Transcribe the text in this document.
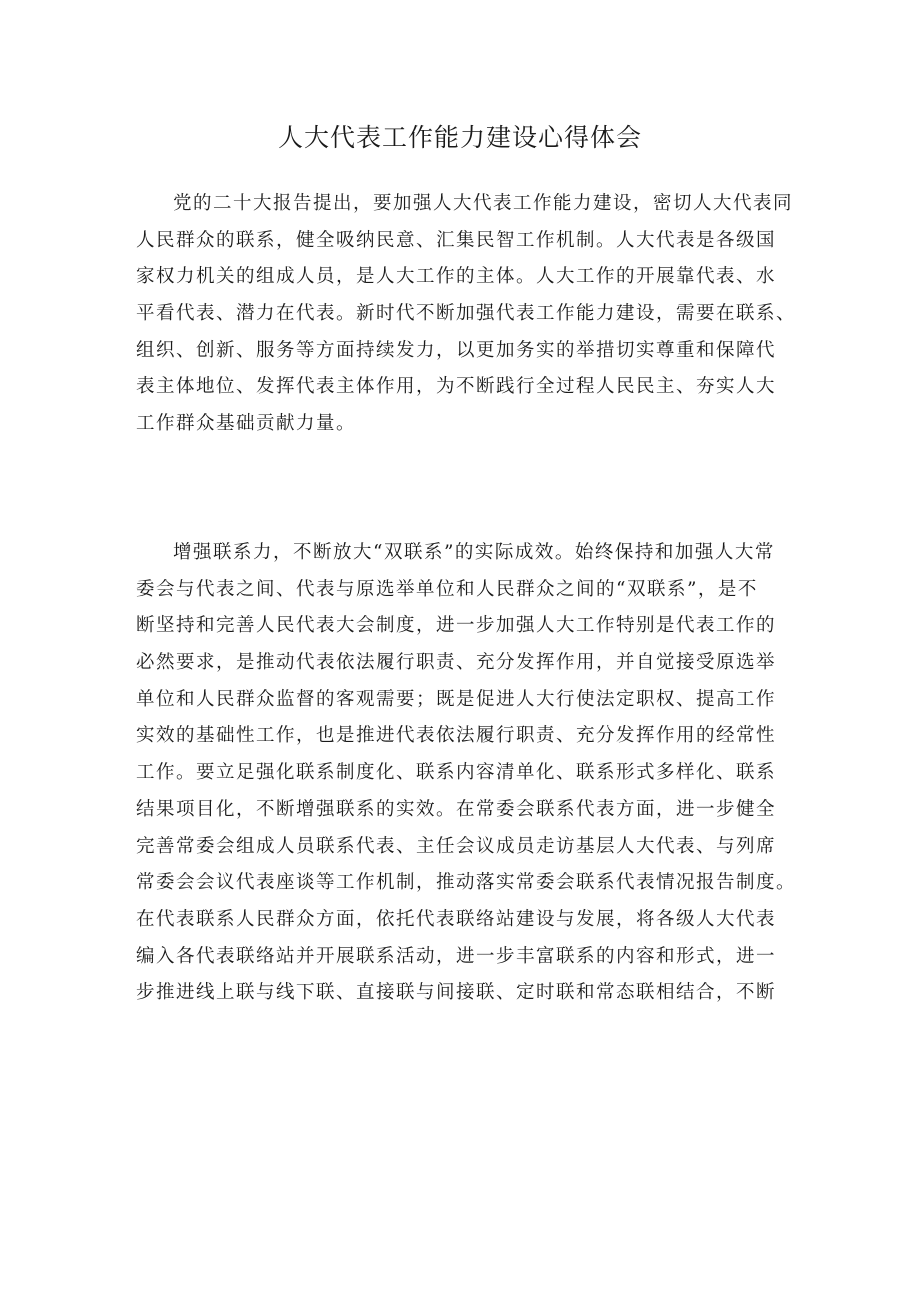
人大代表工作能力建设心得体会
党的二十大报告提出，要加强人大代表工作能力建设，密切人大代表同
人民群众的联系，健全吸纳民意、汇集民智工作机制。人大代表是各级国
家权力机关的组成人员，是人大工作的主体。人大工作的开展靠代表、水
平看代表、潜力在代表。新时代不断加强代表工作能力建设，需要在联系、
组织、创新、服务等方面持续发力，以更加务实的举措切实尊重和保障代
表主体地位、发挥代表主体作用，为不断践行全过程人民民主、夯实人大
工作群众基础贡献力量。
增强联系力，不断放大“双联系”的实际成效。始终保持和加强人大常
委会与代表之间、代表与原选举单位和人民群众之间的“双联系”，是不
断坚持和完善人民代表大会制度，进一步加强人大工作特别是代表工作的
必然要求，是推动代表依法履行职责、充分发挥作用，并自觉接受原选举
单位和人民群众监督的客观需要；既是促进人大行使法定职权、提高工作
实效的基础性工作，也是推进代表依法履行职责、充分发挥作用的经常性
工作。要立足强化联系制度化、联系内容清单化、联系形式多样化、联系
结果项目化，不断增强联系的实效。在常委会联系代表方面，进一步健全
完善常委会组成人员联系代表、主任会议成员走访基层人大代表、与列席
常委会会议代表座谈等工作机制，推动落实常委会联系代表情况报告制度。
在代表联系人民群众方面，依托代表联络站建设与发展，将各级人大代表
编入各代表联络站并开展联系活动，进一步丰富联系的内容和形式，进一
步推进线上联与线下联、直接联与间接联、定时联和常态联相结合，不断
